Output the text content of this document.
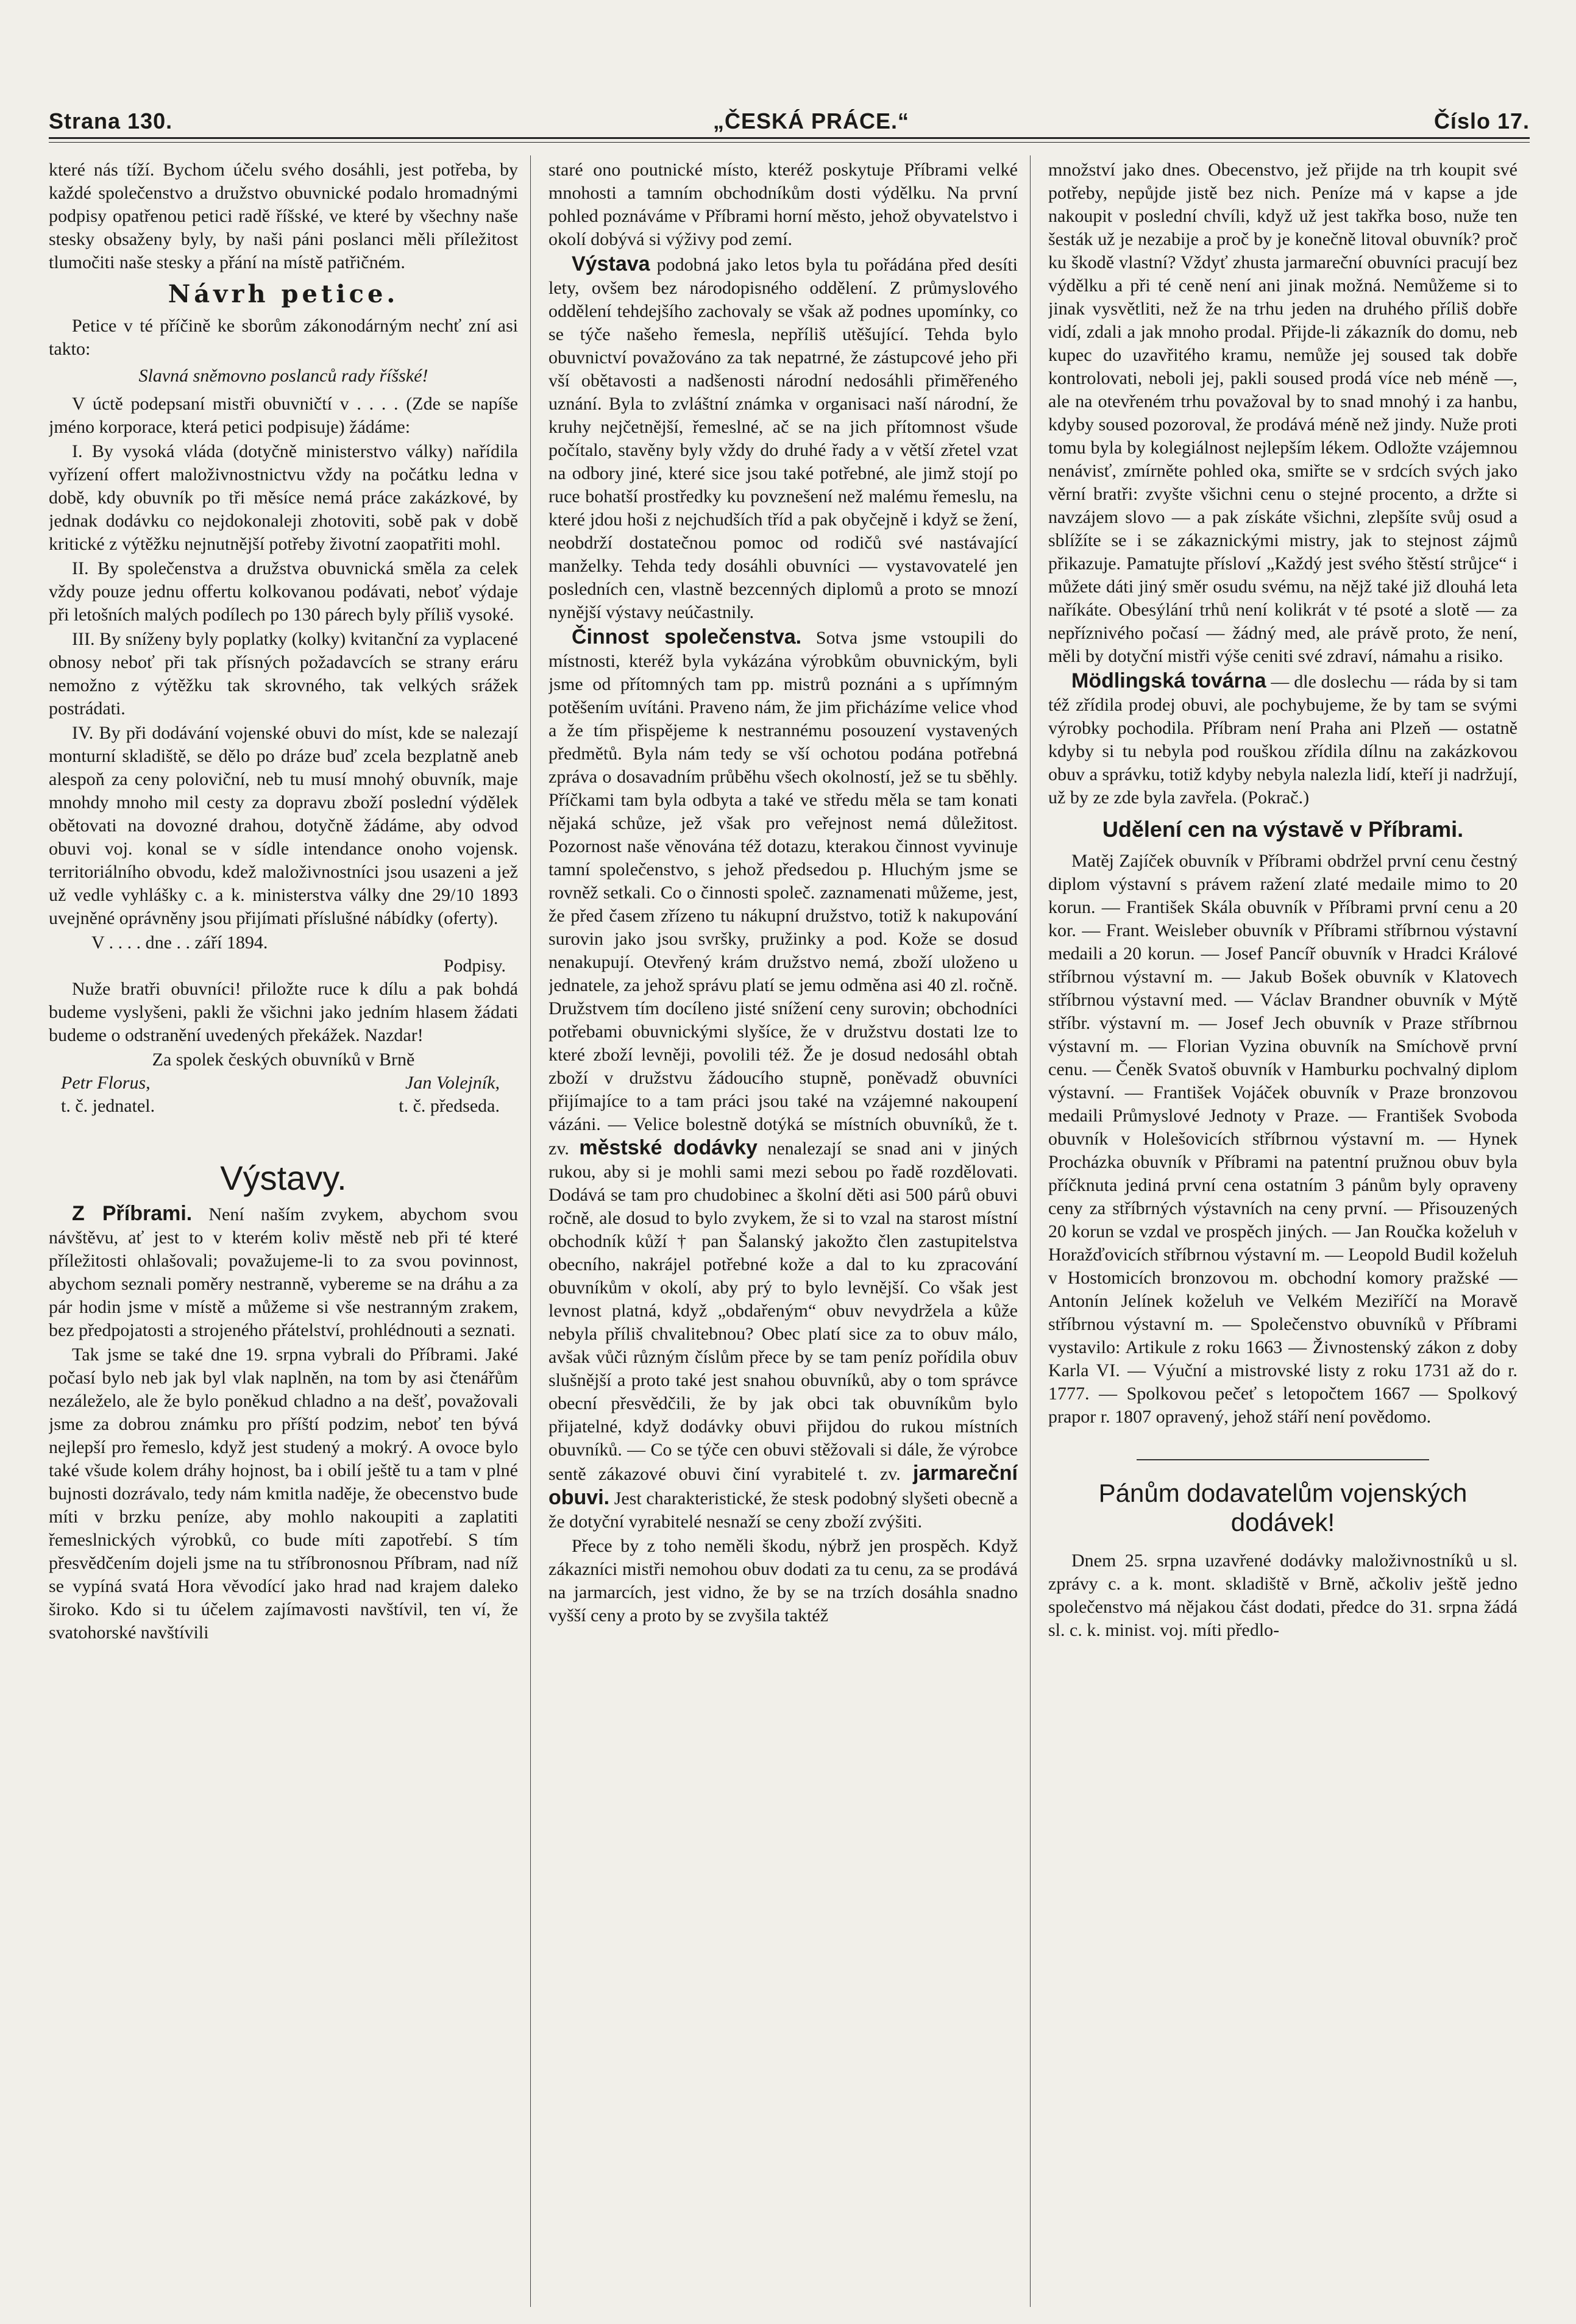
Strana 130.	„ČESKÁ PRÁCE.“	Číslo 17.

které nás tíží. Bychom účelu svého dosáhli, jest potřeba, by každé společenstvo a družstvo obuvnické podalo hromadnými podpisy opatřenou petici radě říšské, ve které by všechny naše stesky obsaženy byly, by naši páni poslanci měli příležitost tlumočiti naše stesky a přání na místě patřičném.

Návrh petice.

Petice v té příčině ke sborům zákonodárným nechť zní asi takto:

Slavná sněmovno poslanců rady říšské!

V úctě podepsaní mistři obuvničtí v . . . . (Zde se napíše jméno korporace, která petici podpisuje) žádáme:

I. By vysoká vláda (dotyčně ministerstvo války) nařídila vyřízení offert maloživnostnictvu vždy na počátku ledna v době, kdy obuvník po tři měsíce nemá práce zakázkové, by jednak dodávku co nejdokonaleji zhotoviti, sobě pak v době kritické z výtěžku nejnutnější potřeby životní zaopatřiti mohl.

II. By společenstva a družstva obuvnická směla za celek vždy pouze jednu offertu kolkovanou podávati, neboť výdaje při letošních malých podílech po 130 párech byly příliš vysoké.

III. By sníženy byly poplatky (kolky) kvitanční za vyplacené obnosy neboť při tak přísných požadavcích se strany eráru nemožno z výtěžku tak skrovného, tak velkých srážek postrádati.

IV. By při dodávání vojenské obuvi do míst, kde se nalezají monturní skladiště, se dělo po dráze buď zcela bezplatně aneb alespoň za ceny poloviční, neb tu musí mnohý obuvník, maje mnohdy mnoho mil cesty za dopravu zboží poslední výdělek obětovati na dovozné drahou, dotyčně žádáme, aby odvod obuvi voj. konal se v sídle intendance onoho vojensk. territoriálního obvodu, kdež maloživnostníci jsou usazeni a jež už vedle vyhlášky c. a k. ministerstva války dne 29/10 1893 uvejněné oprávněny jsou přijímati příslušné nábídky (oferty).

V . . . . dne . . září 1894.
Podpisy.

Nuže bratři obuvníci! přiložte ruce k dílu a pak bohdá budeme vyslyšeni, pakli že všichni jako jedním hlasem žádati budeme o odstranění uvedených překážek. Nazdar!

Za spolek českých obuvníků v Brně
Petr Florus,	Jan Volejník,
t. č. jednatel.	t. č. předseda.
Výstavy.

Z Příbrami. Není naším zvykem, abychom svou návštěvu, ať jest to v kterém koliv městě neb při té které příležitosti ohlašovali; považujeme-li to za svou povinnost, abychom seznali poměry nestranně, vybereme se na dráhu a za pár hodin jsme v místě a můžeme si vše nestranným zrakem, bez předpojatosti a strojeného přátelství, prohlédnouti a seznati.

Tak jsme se také dne 19. srpna vybrali do Příbrami. Jaké počasí bylo neb jak byl vlak naplněn, na tom by asi čtenářům nezáleželo, ale že bylo poněkud chladno a na dešť, považovali jsme za dobrou známku pro příští podzim, neboť ten bývá nejlepší pro řemeslo, když jest studený a mokrý. A ovoce bylo také všude kolem dráhy hojnost, ba i obilí ještě tu a tam v plné bujnosti dozrávalo, tedy nám kmitla naděje, že obecenstvo bude míti v brzku peníze, aby mohlo nakoupiti a zaplatiti řemeslnických výrobků, co bude míti zapotřebí. S tím přesvědčením dojeli jsme na tu stříbronosnou Příbram, nad níž se vypíná svatá Hora věvodící jako hrad nad krajem daleko široko. Kdo si tu účelem zajímavosti navštívil, ten ví, že svatohorské navštívili

staré ono poutnické místo, kteréž poskytuje Příbrami velké mnohosti a tamním obchodníkům dosti výdělku. Na první pohled poznáváme v Příbrami horní město, jehož obyvatelstvo i okolí dobývá si výživy pod zemí.

Výstava podobná jako letos byla tu pořádána před desíti lety, ovšem bez národopisného oddělení. Z průmyslového oddělení tehdejšího zachovaly se však až podnes upomínky, co se týče našeho řemesla, nepříliš utěšující. Tehda bylo obuvnictví považováno za tak nepatrné, že zástupcové jeho při vší obětavosti a nadšenosti národní nedosáhli přiměřeného uznání. Byla to zvláštní známka v organisaci naší národní, že kruhy nejčetnější, řemeslné, ač se na jich přítomnost všude počítalo, stavěny byly vždy do druhé řady a v větší zřetel vzat na odbory jiné, které sice jsou také potřebné, ale jimž stojí po ruce bohatší prostředky ku povznešení než malému řemeslu, na které jdou hoši z nejchudších tříd a pak obyčejně i když se žení, neobdrží dostatečnou pomoc od rodičů své nastávající manželky. Tehda tedy dosáhli obuvníci — vystavovatelé jen posledních cen, vlastně bezcenných diplomů a proto se mnozí nynější výstavy neúčastnily.

Činnost společenstva. Sotva jsme vstoupili do místnosti, kteréž byla vykázána výrobkům obuvnickým, byli jsme od přítomných tam pp. mistrů poznáni a s upřímným potěšením uvítáni. Praveno nám, že jim přicházíme velice vhod a že tím přispějeme k nestrannému posouzení vystavených předmětů. Byla nám tedy se vší ochotou podána potřebná zpráva o dosavadním průběhu všech okolností, jež se tu sběhly. Příčkami tam byla odbyta a také ve středu měla se tam konati nějaká schůze, jež však pro veřejnost nemá důležitost. Pozornost naše věnována též dotazu, kterakou činnost vyvinuje tamní společenstvo, s jehož předsedou p. Hluchým jsme se rovněž setkali. Co o činnosti společ. zaznamenati můžeme, jest, že před časem zřízeno tu nákupní družstvo, totiž k nakupování surovin jako jsou svršky, pružinky a pod. Kože se dosud nenakupují. Otevřený krám družstvo nemá, zboží uloženo u jednatele, za jehož správu platí se jemu odměna asi 40 zl. ročně. Družstvem tím docíleno jisté snížení ceny surovin; obchodníci potřebami obuvnickými slyšíce, že v družstvu dostati lze to které zboží levněji, povolili též. Že je dosud nedosáhl obtah zboží v družstvu žádoucího stupně, poněvadž obuvníci přijímajíce to a tam práci jsou také na vzájemné nakoupení vázáni. — Velice bolestně dotýká se místních obuvníků, že t. zv. městské dodávky nenalezají se snad ani v jiných rukou, aby si je mohli sami mezi sebou po řadě rozdělovati. Dodává se tam pro chudobinec a školní děti asi 500 párů obuvi ročně, ale dosud to bylo zvykem, že si to vzal na starost místní obchodník kůží † pan Šalanský jakožto člen zastupitelstva obecního, nakrájel potřebné kože a dal to ku zpracování obuvníkům v okolí, aby prý to bylo levnější. Co však jest levnost platná, když „obdařeným“ obuv nevydržela a kůže nebyla příliš chvalitebnou? Obec platí sice za to obuv málo, avšak vůči různým číslům přece by se tam peníz pořídila obuv slušnější a proto také jest snahou obuvníků, aby o tom správce obecní přesvědčili, že by jak obci tak obuvníkům bylo přijatelné, když dodávky obuvi přijdou do rukou místních obuvníků. — Co se týče cen obuvi stěžovali si dále, že výrobce sentě zákazové obuvi činí vyrabitelé t. zv. jarmareční obuvi. Jest charakteristické, že stesk podobný slyšeti obecně a že dotyční vyrabitelé nesnaží se ceny zboží zvýšiti.

Přece by z toho neměli škodu, nýbrž jen prospěch. Když zákazníci mistři nemohou obuv dodati za tu cenu, za se prodává na jarmarcích, jest vidno, že by se na trzích dosáhla snadno vyšší ceny a proto by se zvyšila taktéž

množství jako dnes. Obecenstvo, jež přijde na trh koupit své potřeby, nepůjde jistě bez nich. Peníze má v kapse a jde nakoupit v poslední chvíli, když už jest takřka boso, nuže ten šesták už je nezabije a proč by je konečně litoval obuvník? proč ku škodě vlastní? Vždyť zhusta jarmareční obuvníci pracují bez výdělku a při té ceně není ani jinak možná. Nemůžeme si to jinak vysvětliti, než že na trhu jeden na druhého příliš dobře vidí, zdali a jak mnoho prodal. Přijde-li zákazník do domu, neb kupec do uzavřitého kramu, nemůže jej soused tak dobře kontrolovati, neboli jej, pakli soused prodá více neb méně —, ale na otevřeném trhu považoval by to snad mnohý i za hanbu, kdyby soused pozoroval, že prodává méně než jindy. Nuže proti tomu byla by kolegiálnost nejlepším lékem. Odložte vzájemnou nenávisť, zmírněte pohled oka, smiřte se v srdcích svých jako věrní bratři: zvyšte všichni cenu o stejné procento, a držte si navzájem slovo — a pak získáte všichni, zlepšíte svůj osud a sblížíte se i se zákaznickými mistry, jak to stejnost zájmů přikazuje. Pamatujte přísloví „Každý jest svého štěstí strůjce“ i můžete dáti jiný směr osudu svému, na nějž také již dlouhá leta naříkáte. Obesýlání trhů není kolikrát v té psoté a slotě — za nepříznivého počasí — žádný med, ale právě proto, že není, měli by dotyční mistři výše ceniti své zdraví, námahu a risiko.

Mödlingská továrna — dle doslechu — ráda by si tam též zřídila prodej obuvi, ale pochybujeme, že by tam se svými výrobky pochodila. Příbram není Praha ani Plzeň — ostatně kdyby si tu nebyla pod rouškou zřídila dílnu na zakázkovou obuv a správku, totiž kdyby nebyla nalezla lidí, kteří ji nadržují, už by ze zde byla zavřela. (Pokrač.)

Udělení cen na výstavě v Příbrami.

Matěj Zajíček obuvník v Příbrami obdržel první cenu čestný diplom výstavní s právem ražení zlaté medaile mimo to 20 korun. — František Skála obuvník v Příbrami první cenu a 20 kor. — Frant. Weisleber obuvník v Příbrami stříbrnou výstavní medaili a 20 korun. — Josef Pancíř obuvník v Hradci Králové stříbrnou výstavní m. — Jakub Bošek obuvník v Klatovech stříbrnou výstavní med. — Václav Brandner obuvník v Mýtě stříbr. výstavní m. — Josef Jech obuvník v Praze stříbrnou výstavní m. — Florian Vyzina obuvník na Smíchově první cenu. — Čeněk Svatoš obuvník v Hamburku pochvalný diplom výstavní. — František Vojáček obuvník v Praze bronzovou medaili Průmyslové Jednoty v Praze. — František Svoboda obuvník v Holešovicích stříbrnou výstavní m. — Hynek Procházka obuvník v Příbrami na patentní pružnou obuv byla příčknuta jediná první cena ostatním 3 pánům byly opraveny ceny za stříbrných výstavních na ceny první. — Přisouzených 20 korun se vzdal ve prospěch jiných. — Jan Roučka koželuh v Horažďovicích stříbrnou výstavní m. — Leopold Budil koželuh v Hostomicích bronzovou m. obchodní komory pražské — Antonín Jelínek koželuh ve Velkém Meziříčí na Moravě stříbrnou výstavní m. — Společenstvo obuvníků v Příbrami vystavilo: Artikule z roku 1663 — Živnostenský zákon z doby Karla VI. — Výuční a mistrovské listy z roku 1731 až do r. 1777. — Spolkovou pečeť s letopočtem 1667 — Spolkový prapor r. 1807 opravený, jehož stáří není povědomo.

Pánům dodavatelům vojenských dodávek!

Dnem 25. srpna uzavřené dodávky maloživnostníků u sl. zprávy c. a k. mont. skladiště v Brně, ačkoliv ještě jedno společenstvo má nějakou část dodati, předce do 31. srpna žádá sl. c. k. minist. voj. míti předlo-
